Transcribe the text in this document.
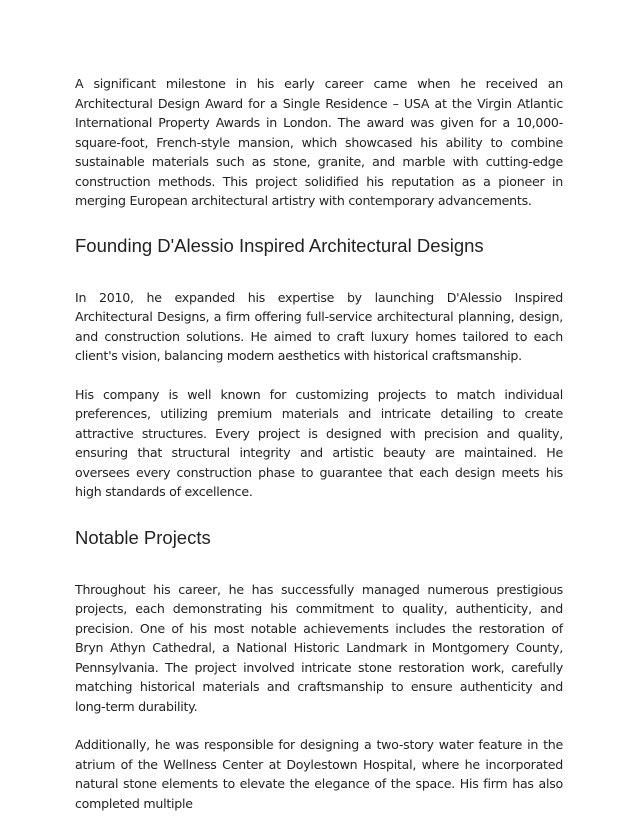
A significant milestone in his early career came when he received an Architectural Design Award for a Single Residence – USA at the Virgin Atlantic International Property Awards in London. The award was given for a 10,000-square-foot, French-style mansion, which showcased his ability to combine sustainable materials such as stone, granite, and marble with cutting-edge construction methods. This project solidified his reputation as a pioneer in merging European architectural artistry with contemporary advancements.

Founding D'Alessio Inspired Architectural Designs

In 2010, he expanded his expertise by launching D'Alessio Inspired Architectural Designs, a firm offering full-service architectural planning, design, and construction solutions. He aimed to craft luxury homes tailored to each client's vision, balancing modern aesthetics with historical craftsmanship.

His company is well known for customizing projects to match individual preferences, utilizing premium materials and intricate detailing to create attractive structures. Every project is designed with precision and quality, ensuring that structural integrity and artistic beauty are maintained. He oversees every construction phase to guarantee that each design meets his high standards of excellence.

Notable Projects

Throughout his career, he has successfully managed numerous prestigious projects, each demonstrating his commitment to quality, authenticity, and precision. One of his most notable achievements includes the restoration of Bryn Athyn Cathedral, a National Historic Landmark in Montgomery County, Pennsylvania. The project involved intricate stone restoration work, carefully matching historical materials and craftsmanship to ensure authenticity and long-term durability.

Additionally, he was responsible for designing a two-story water feature in the atrium of the Wellness Center at Doylestown Hospital, where he incorporated natural stone elements to elevate the elegance of the space. His firm has also completed multiple
